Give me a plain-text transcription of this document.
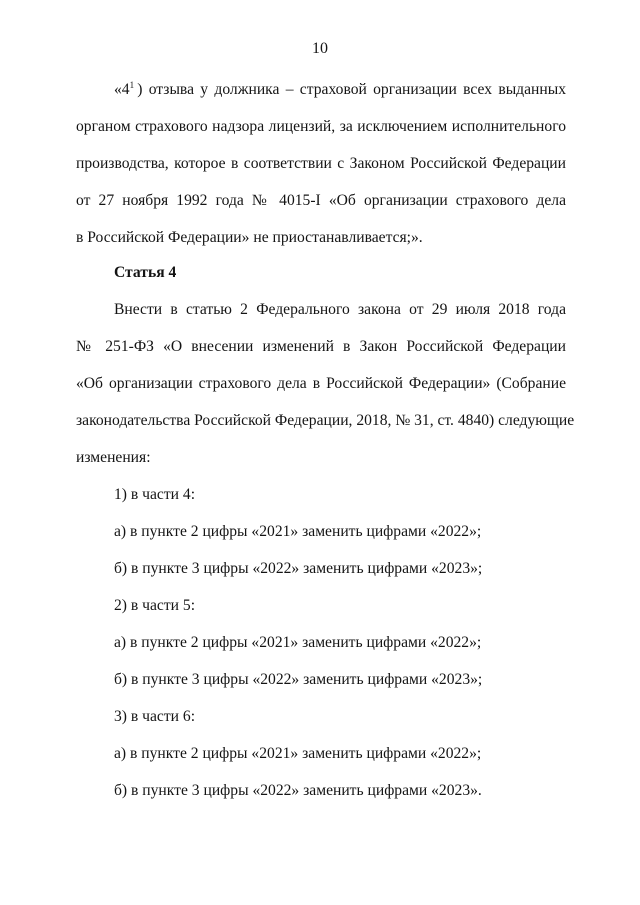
10
«$4^1$ ) отзыва у должника – страховой организации всех выданных
органом страхового надзора лицензий, за исключением исполнительного
производства, которое в соответствии с Законом Российской Федерации
от 27 ноября 1992 года № 4015-I «Об организации страхового дела
в Российской Федерации» не приостанавливается;».
Статья 4
Внести в статью 2 Федерального закона от 29 июля 2018 года
№ 251-ФЗ «О внесении изменений в Закон Российской Федерации
«Об организации страхового дела в Российской Федерации» (Собрание
законодательства Российской Федерации, 2018, № 31, ст. 4840) следующие
изменения:
1) в части 4:
а) в пункте 2 цифры «2021» заменить цифрами «2022»;
б) в пункте 3 цифры «2022» заменить цифрами «2023»;
2) в части 5:
а) в пункте 2 цифры «2021» заменить цифрами «2022»;
б) в пункте 3 цифры «2022» заменить цифрами «2023»;
3) в части 6:
а) в пункте 2 цифры «2021» заменить цифрами «2022»;
б) в пункте 3 цифры «2022» заменить цифрами «2023».
